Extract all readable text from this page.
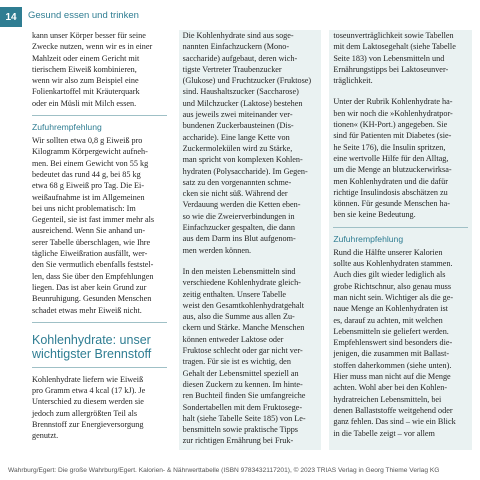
14	Gesund essen und trinken

kann unser Körper besser für seine
Zwecke nutzen, wenn wir es in einer
Mahlzeit oder einem Gericht mit
tierischem Eiweiß kombinieren,
wenn wir also zum Beispiel eine
Folienkartoffel mit Kräuterquark
oder ein Müsli mit Milch essen.

Zufuhrempfehlung

Wir sollten etwa 0,8 g Eiweiß pro
Kilogramm Körpergewicht aufneh-
men. Bei einem Gewicht von 55 kg
bedeutet das rund 44 g, bei 85 kg
etwa 68 g Eiweiß pro Tag. Die Ei-
weißaufnahme ist im Allgemeinen
bei uns nicht problematisch: Im
Gegenteil, sie ist fast immer mehr als
ausreichend. Wenn Sie anhand un-
serer Tabelle überschlagen, wie Ihre
tägliche Eiweißration ausfällt, wer-
den Sie vermutlich ebenfalls feststel-
len, dass Sie über den Empfehlungen
liegen. Das ist aber kein Grund zur
Beunruhigung. Gesunden Menschen
schadet etwas mehr Eiweiß nicht.

Kohlenhydrate: unser
wichtigster Brennstoff

Kohlenhydrate liefern wie Eiweiß
pro Gramm etwa 4 kcal (17 kJ). Je
Unterschied zu diesem werden sie
jedoch zum allergrößten Teil als
Brennstoff zur Energieversorgung
genutzt.

Die Kohlenhydrate sind aus soge-
nannten Einfachzuckern (Mono-
saccharide) aufgebaut, deren wich-
tigste Vertreter Traubenzucker
(Glukose) und Fruchtzucker (Fruktose)
sind. Haushaltszucker (Saccharose)
und Milchzucker (Laktose) bestehen
aus jeweils zwei miteinander ver-
bundenen Zuckerbausteinen (Dis-
accharide). Eine lange Kette von
Zuckermolekülen wird zu Stärke,
man spricht von komplexen Kohlen-
hydraten (Polysaccharide). Im Gegen-
satz zu den vorgenannten schme-
cken sie nicht süß. Während der
Verdauung werden die Ketten eben-
so wie die Zweierverbindungen in
Einfachzucker gespalten, die dann
aus dem Darm ins Blut aufgenom-
men werden können.

In den meisten Lebensmitteln sind
verschiedene Kohlenhydrate gleich-
zeitig enthalten. Unsere Tabelle
weist den Gesamtkohlenhydratgehalt
aus, also die Summe aus allen Zu-
ckern und Stärke. Manche Menschen
können entweder Laktose oder
Fruktose schlecht oder gar nicht ver-
tragen. Für sie ist es wichtig, den
Gehalt der Lebensmittel speziell an
diesen Zuckern zu kennen. Im hinte-
ren Buchteil finden Sie umfangreiche
Sondertabellen mit dem Fruktosege-
halt (siehe Tabelle Seite 185) von Le-
bensmitteln sowie praktische Tipps
zur richtigen Ernährung bei Fruk-

toseunverträglichkeit sowie Tabellen
mit dem Laktosegehalt (siehe Tabelle
Seite 183) von Lebensmitteln und
Ernährungstipps bei Laktoseunver-
träglichkeit.

Unter der Rubrik Kohlenhydrate ha-
ben wir noch die »Kohlenhydratpor-
tionen« (KH-Port.) angegeben. Sie
sind für Patienten mit Diabetes (sie-
he Seite 176), die Insulin spritzen,
eine wertvolle Hilfe für den Alltag,
um die Menge an blutzuckerwirksa-
men Kohlenhydraten und die dafür
richtige Insulindosis abschätzen zu
können. Für gesunde Menschen ha-
ben sie keine Bedeutung.

Zufuhrempfehlung

Rund die Hälfte unserer Kalorien
sollte aus Kohlenhydraten stammen.
Auch dies gilt wieder lediglich als
grobe Richtschnur, also genau muss
man nicht sein. Wichtiger als die ge-
naue Menge an Kohlenhydraten ist
es, darauf zu achten, mit welchen
Lebensmitteln sie geliefert werden.
Empfehlenswert sind besonders die-
jenigen, die zusammen mit Ballast-
stoffen daherkommen (siehe unten).
Hier muss man nicht auf die Menge
achten. Wohl aber bei den Kohlen-
hydratreichen Lebensmitteln, bei
denen Ballaststoffe weitgehend oder
ganz fehlen. Das sind – wie ein Blick
in die Tabelle zeigt – vor allem

Wahrburg/Egert: Die große Wahrburg/Egert. Kalorien- & Nährwerttabelle (ISBN 9783432117201), © 2023 TRIAS Verlag in Georg Thieme Verlag KG
